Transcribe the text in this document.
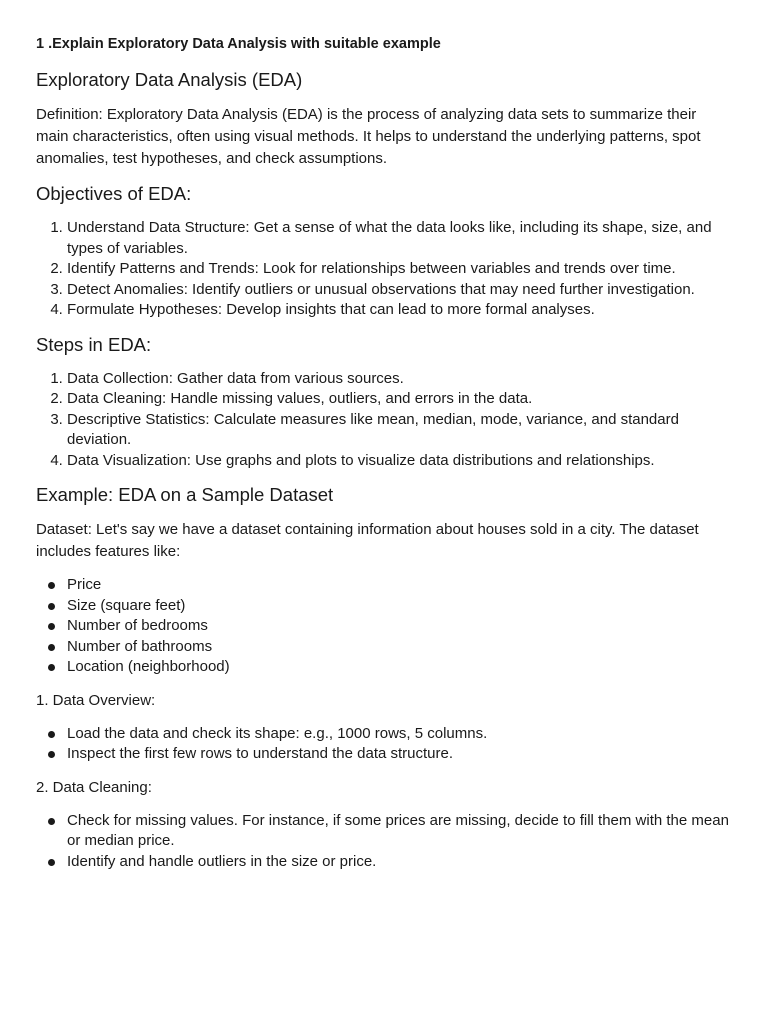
1 .Explain Exploratory Data Analysis with suitable example
Exploratory Data Analysis (EDA)

Definition: Exploratory Data Analysis (EDA) is the process of analyzing data sets to summarize their main characteristics, often using visual methods. It helps to understand the underlying patterns, spot anomalies, test hypotheses, and check assumptions.

Objectives of EDA:
1. Understand Data Structure: Get a sense of what the data looks like, including its shape, size, and types of variables.
2. Identify Patterns and Trends: Look for relationships between variables and trends over time.
3. Detect Anomalies: Identify outliers or unusual observations that may need further investigation.
4. Formulate Hypotheses: Develop insights that can lead to more formal analyses.
Steps in EDA:
1. Data Collection: Gather data from various sources.
2. Data Cleaning: Handle missing values, outliers, and errors in the data.
3. Descriptive Statistics: Calculate measures like mean, median, mode, variance, and standard deviation.
4. Data Visualization: Use graphs and plots to visualize data distributions and relationships.
Example: EDA on a Sample Dataset

Dataset: Let's say we have a dataset containing information about houses sold in a city. The dataset includes features like:

Price
Size (square feet)
Number of bedrooms
Number of bathrooms
Location (neighborhood)

1. Data Overview:

Load the data and check its shape: e.g., 1000 rows, 5 columns.
Inspect the first few rows to understand the data structure.

2. Data Cleaning:

Check for missing values. For instance, if some prices are missing, decide to fill them with the mean or median price.
Identify and handle outliers in the size or price.
